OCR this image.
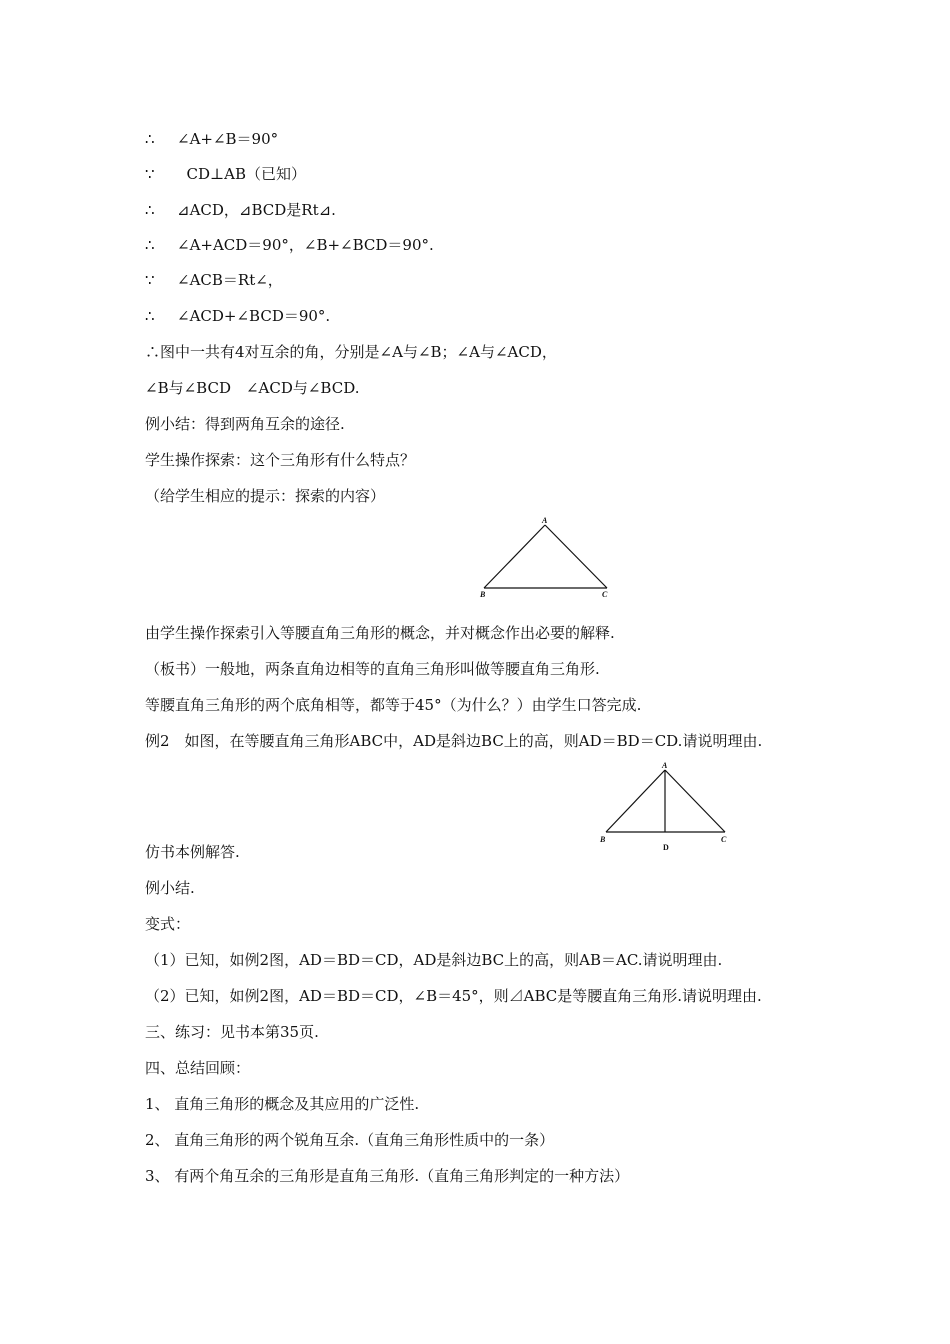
∴ ∠A+∠B＝90°
∵  CD⊥AB（已知）
∴ ⊿ACD，⊿BCD是Rt⊿.
∴ ∠A+ACD＝90°，∠B+∠BCD＝90°.
∵ ∠ACB＝Rt∠，
∴ ∠ACD+∠BCD＝90°.
∴图中一共有4对互余的角，分别是∠A与∠B；∠A与∠ACD，
∠B与∠BCD　∠ACD与∠BCD.
例小结：得到两角互余的途径.
学生操作探索：这个三角形有什么特点？
（给学生相应的提示：探索的内容）
A
B	C
由学生操作探索引入等腰直角三角形的概念，并对概念作出必要的解释.
（板书）一般地，两条直角边相等的直角三角形叫做等腰直角三角形.
等腰直角三角形的两个底角相等，都等于45°（为什么？）由学生口答完成.
例2　如图，在等腰直角三角形ABC中，AD是斜边BC上的高，则AD＝BD＝CD.请说明理由.
A
B	C
D
仿书本例解答.
例小结.
变式：
（1）已知，如例2图，AD＝BD＝CD，AD是斜边BC上的高，则AB＝AC.请说明理由.
（2）已知，如例2图，AD＝BD＝CD，∠B＝45°，则⊿ABC是等腰直角三角形.请说明理由.
三、练习：见书本第35页.
四、总结回顾：
1、 直角三角形的概念及其应用的广泛性.
2、 直角三角形的两个锐角互余.（直角三角形性质中的一条）
3、 有两个角互余的三角形是直角三角形.（直角三角形判定的一种方法）
